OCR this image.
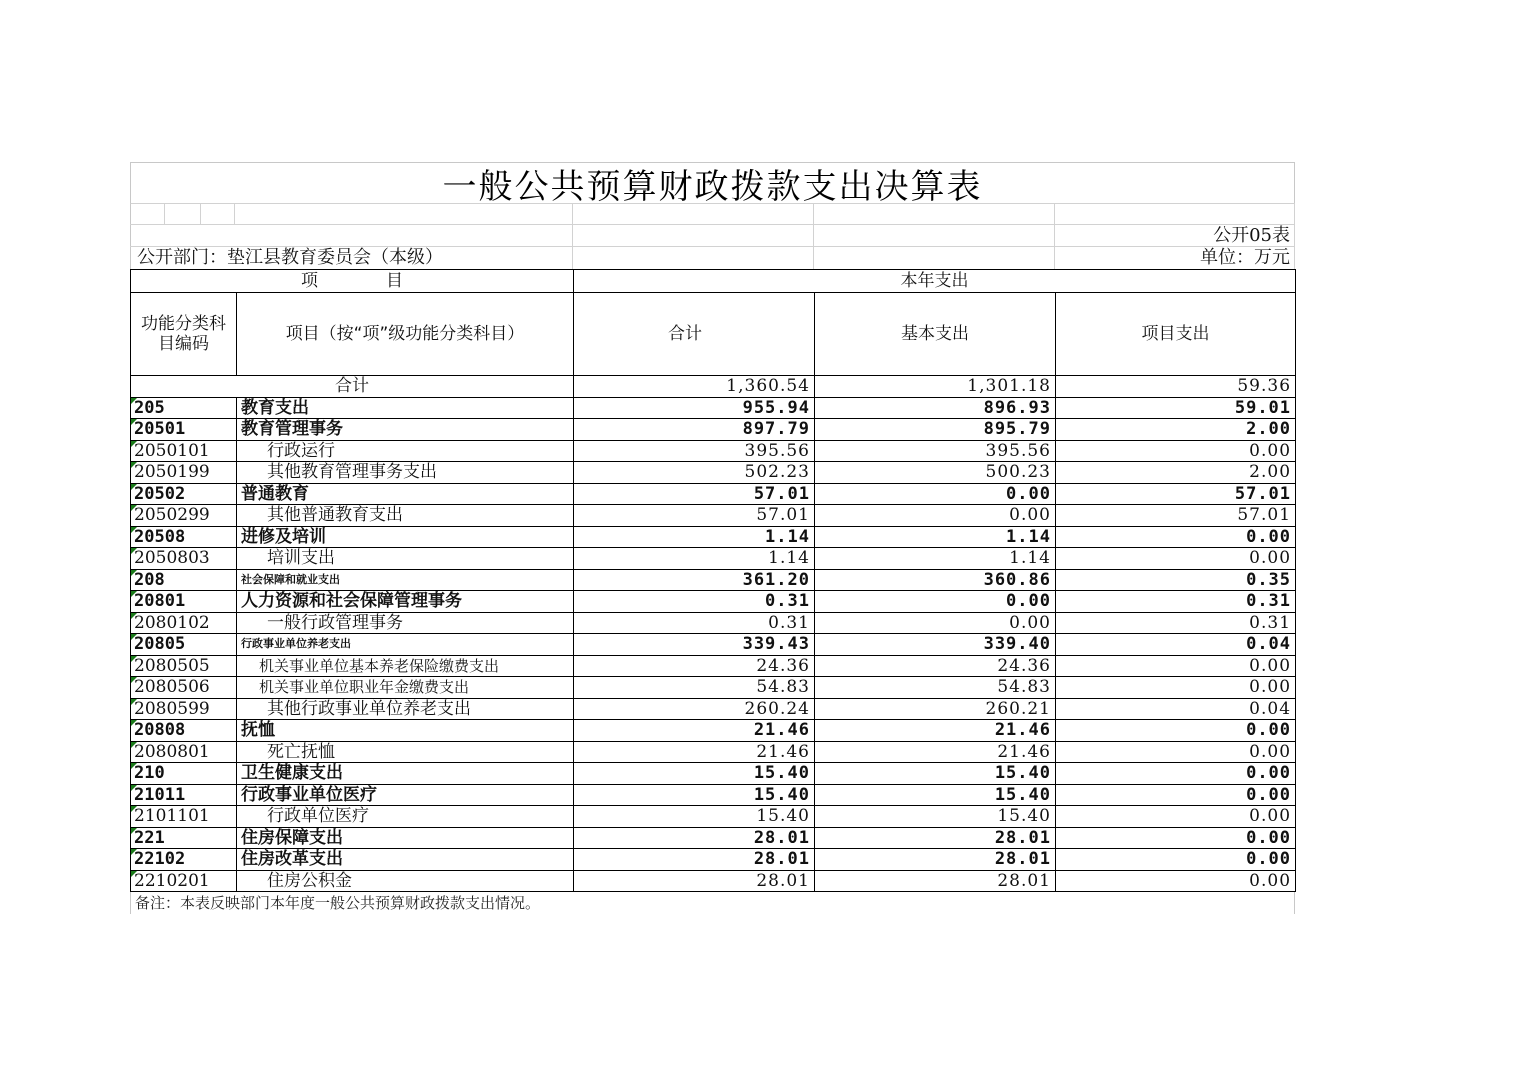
一般公共预算财政拨款支出决算表
公开05表
公开部门：垫江县教育委员会（本级）	单位：万元
项　　　　目		本年支出		
功能分类科目编码	项目（按“项”级功能分类科目）	合计	基本支出	项目支出
合计		1,360.54	1,301.18	59.36
205	教育支出	955.94	896.93	59.01
20501	教育管理事务	897.79	895.79	2.00
2050101	行政运行	395.56	395.56	0.00
2050199	其他教育管理事务支出	502.23	500.23	2.00
20502	普通教育	57.01	0.00	57.01
2050299	其他普通教育支出	57.01	0.00	57.01
20508	进修及培训	1.14	1.14	0.00
2050803	培训支出	1.14	1.14	0.00
208	社会保障和就业支出	361.20	360.86	0.35
20801	人力资源和社会保障管理事务	0.31	0.00	0.31
2080102	一般行政管理事务	0.31	0.00	0.31
20805	行政事业单位养老支出	339.43	339.40	0.04
2080505	机关事业单位基本养老保险缴费支出	24.36	24.36	0.00
2080506	机关事业单位职业年金缴费支出	54.83	54.83	0.00
2080599	其他行政事业单位养老支出	260.24	260.21	0.04
20808	抚恤	21.46	21.46	0.00
2080801	死亡抚恤	21.46	21.46	0.00
210	卫生健康支出	15.40	15.40	0.00
21011	行政事业单位医疗	15.40	15.40	0.00
2101101	行政单位医疗	15.40	15.40	0.00
221	住房保障支出	28.01	28.01	0.00
22102	住房改革支出	28.01	28.01	0.00
2210201	住房公积金	28.01	28.01	0.00
备注：本表反映部门本年度一般公共预算财政拨款支出情况。
